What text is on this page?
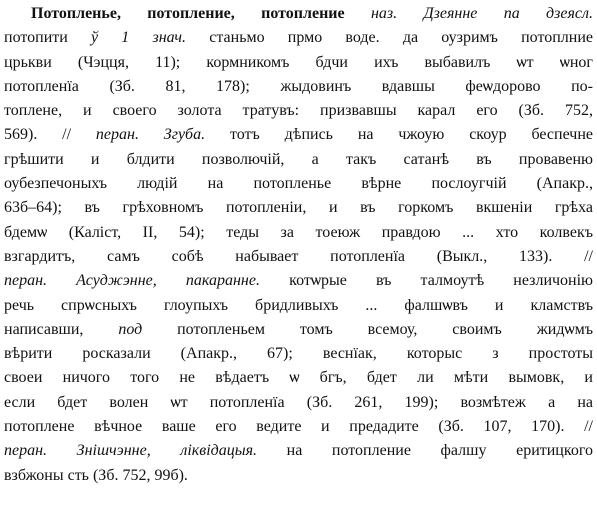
Потопленье, потопление, потопление наз. Дзеянне па дзеясл.
потопити ў 1 знач. станьмо прмо воде. да оузримъ потоплние
црькви (Чэцця, 11); кормникомъ бдчи ихъ выбавилъ ѡт ѡног
потопленїа (Зб. 81, 178); жыдовинъ вдавшы феѡдорово по-
топлене, и своего золота тратувъ: призвавшы карал его (Зб. 752,
569). // перан. Згуба. тотъ дѣпись на чжоую скоур беспечне
грѣшити и блдити позволючій, а такъ сатанѣ въ провавеню
оубезпечоныхъ людій на потопленье вѣрне послоугчій (Апакр.,
63б–64); въ грѣховномъ потопленіи, и въ горкомъ вкшеніи грѣха
бдемѡ (Каліст, II, 54); теды за тоеюж правдою ... хто колвекъ
взгардитъ, самъ собѣ набывает потопленїа (Выкл., 133). //
перан. Асуджэнне, пакаранне. котѡрые въ талмоутѣ незличонію
речь спрѡсныхъ глоупыхъ бридливыхъ ... фалшѡвъ и кламствъ
написавши, под потопленьем томъ всемоу, своимъ жидѡмъ
вѣрити росказали (Апакр., 67); веснїак, которыс з простоты
своеи ничого того не вѣдаетъ ѡ бгъ, бдет ли мѣти вымовк, и
если бдет волен ѡт потопленїа (Зб. 261, 199); возмѣтеж а на
потоплене вѣчное ваше его ведите и предадите (Зб. 107, 170). //
перан. Знішчэнне, ліквідацыя. на потопление фалшу еритицкого
взбжоны сть (Зб. 752, 99б).
